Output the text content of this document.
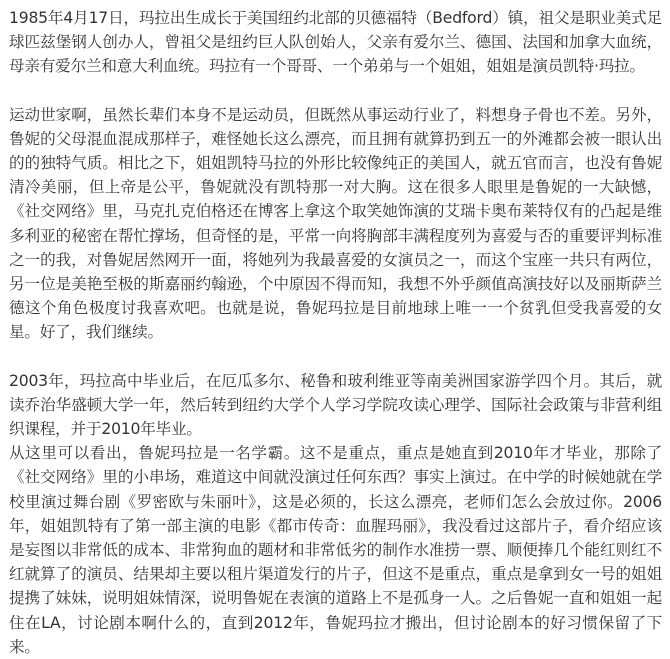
1985年4月17日，玛拉出生成长于美国纽约北部的贝德福特（Bedford）镇，祖父是职业美式足球匹兹堡钢人创办人，曾祖父是纽约巨人队创始人，父亲有爱尔兰、德国、法国和加拿大血统，母亲有爱尔兰和意大利血统。玛拉有一个哥哥、一个弟弟与一个姐姐，姐姐是演员凯特·玛拉。

运动世家啊，虽然长辈们本身不是运动员，但既然从事运动行业了，料想身子骨也不差。另外，鲁妮的父母混血混成那样子，难怪她长这么漂亮，而且拥有就算扔到五一的外滩都会被一眼认出的的独特气质。相比之下，姐姐凯特马拉的外形比较像纯正的美国人，就五官而言，也没有鲁妮清冷美丽，但上帝是公平，鲁妮就没有凯特那一对大胸。这在很多人眼里是鲁妮的一大缺憾，《社交网络》里，马克扎克伯格还在博客上拿这个取笑她饰演的艾瑞卡奥布莱特仅有的凸起是维多利亚的秘密在帮忙撑场，但奇怪的是，平常一向将胸部丰满程度列为喜爱与否的重要评判标准之一的我，对鲁妮居然网开一面，将她列为我最喜爱的女演员之一，而这个宝座一共只有两位，另一位是美艳至极的斯嘉丽约翰逊，个中原因不得而知，我想不外乎颜值高演技好以及丽斯萨兰德这个角色极度讨我喜欢吧。也就是说，鲁妮玛拉是目前地球上唯一一个贫乳但受我喜爱的女星。好了，我们继续。

2003年，玛拉高中毕业后，在厄瓜多尔、秘鲁和玻利维亚等南美洲国家游学四个月。其后，就读乔治华盛顿大学一年，然后转到纽约大学个人学习学院攻读心理学、国际社会政策与非营利组织课程，并于2010年毕业。

从这里可以看出，鲁妮玛拉是一名学霸。这不是重点，重点是她直到2010年才毕业，那除了《社交网络》里的小串场，难道这中间就没演过任何东西？事实上演过。在中学的时候她就在学校里演过舞台剧《罗密欧与朱丽叶》，这是必须的，长这么漂亮，老师们怎么会放过你。2006年，姐姐凯特有了第一部主演的电影《都市传奇：血腥玛丽》，我没看过这部片子，看介绍应该是妄图以非常低的成本、非常狗血的题材和非常低劣的制作水准捞一票、顺便捧几个能红则红不红就算了的演员、结果却主要以租片渠道发行的片子，但这不是重点，重点是拿到女一号的姐姐提携了妹妹，说明姐妹情深，说明鲁妮在表演的道路上不是孤身一人。之后鲁妮一直和姐姐一起住在LA，讨论剧本啊什么的，直到2012年，鲁妮玛拉才搬出，但讨论剧本的好习惯保留了下来。
